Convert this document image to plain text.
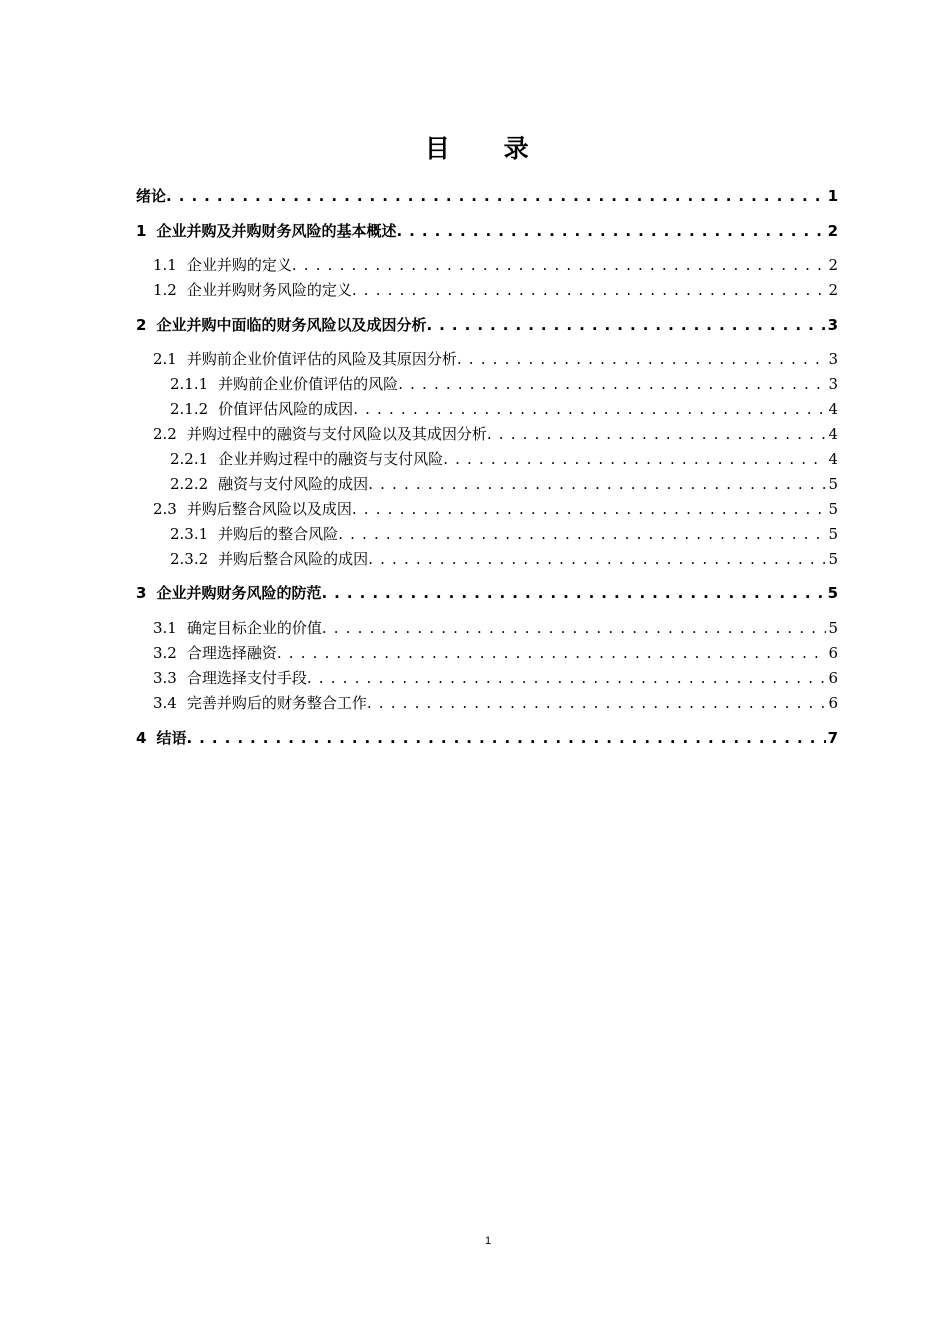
目 录
绪论 . . .	1
1 企业并购及并购财务风险的基本概述 . . .	2
1.1 企业并购的定义 . . .	2
1.2 企业并购财务风险的定义 . . .	2
2 企业并购中面临的财务风险以及成因分析 . . .	3
2.1 并购前企业价值评估的风险及其原因分析 . . .	3
2.1.1 并购前企业价值评估的风险 . . .	3
2.1.2 价值评估风险的成因 . . .	4
2.2 并购过程中的融资与支付风险以及其成因分析 . . .	4
2.2.1 企业并购过程中的融资与支付风险 . . .	4
2.2.2 融资与支付风险的成因 . . .	5
2.3 并购后整合风险以及成因 . . .	5
2.3.1 并购后的整合风险 . . .	5
2.3.2 并购后整合风险的成因 . . .	5
3 企业并购财务风险的防范 . . .	5
3.1 确定目标企业的价值 . . .	5
3.2 合理选择融资 . . .	6
3.3 合理选择支付手段 . . .	6
3.4 完善并购后的财务整合工作 . . .	6
4 结语 . . .	7
1
